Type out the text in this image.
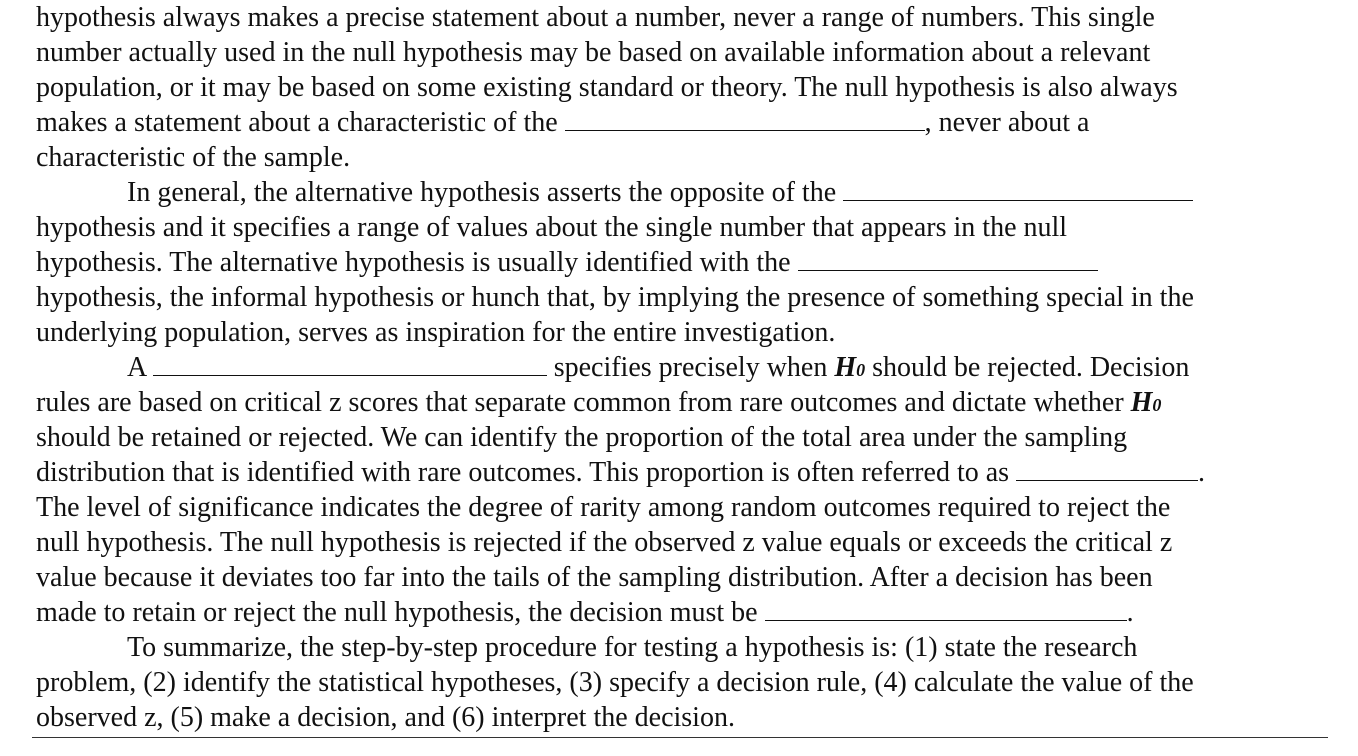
hypothesis always makes a precise statement about a number, never a range of numbers. This single
number actually used in the null hypothesis may be based on available information about a relevant
population, or it may be based on some existing standard or theory. The null hypothesis is also always
makes a statement about a characteristic of the	, never about a
characteristic of the sample.
In general, the alternative hypothesis asserts the opposite of the
hypothesis and it specifies a range of values about the single number that appears in the null
hypothesis. The alternative hypothesis is usually identified with the
hypothesis, the informal hypothesis or hunch that, by implying the presence of something special in the
underlying population, serves as inspiration for the entire investigation.
A	specifies precisely when H0 should be rejected. Decision
rules are based on critical z scores that separate common from rare outcomes and dictate whether H0
should be retained or rejected. We can identify the proportion of the total area under the sampling
distribution that is identified with rare outcomes. This proportion is often referred to as	.
The level of significance indicates the degree of rarity among random outcomes required to reject the
null hypothesis. The null hypothesis is rejected if the observed z value equals or exceeds the critical z
value because it deviates too far into the tails of the sampling distribution. After a decision has been
made to retain or reject the null hypothesis, the decision must be	.
To summarize, the step-by-step procedure for testing a hypothesis is: (1) state the research
problem, (2) identify the statistical hypotheses, (3) specify a decision rule, (4) calculate the value of the
observed z, (5) make a decision, and (6) interpret the decision.
